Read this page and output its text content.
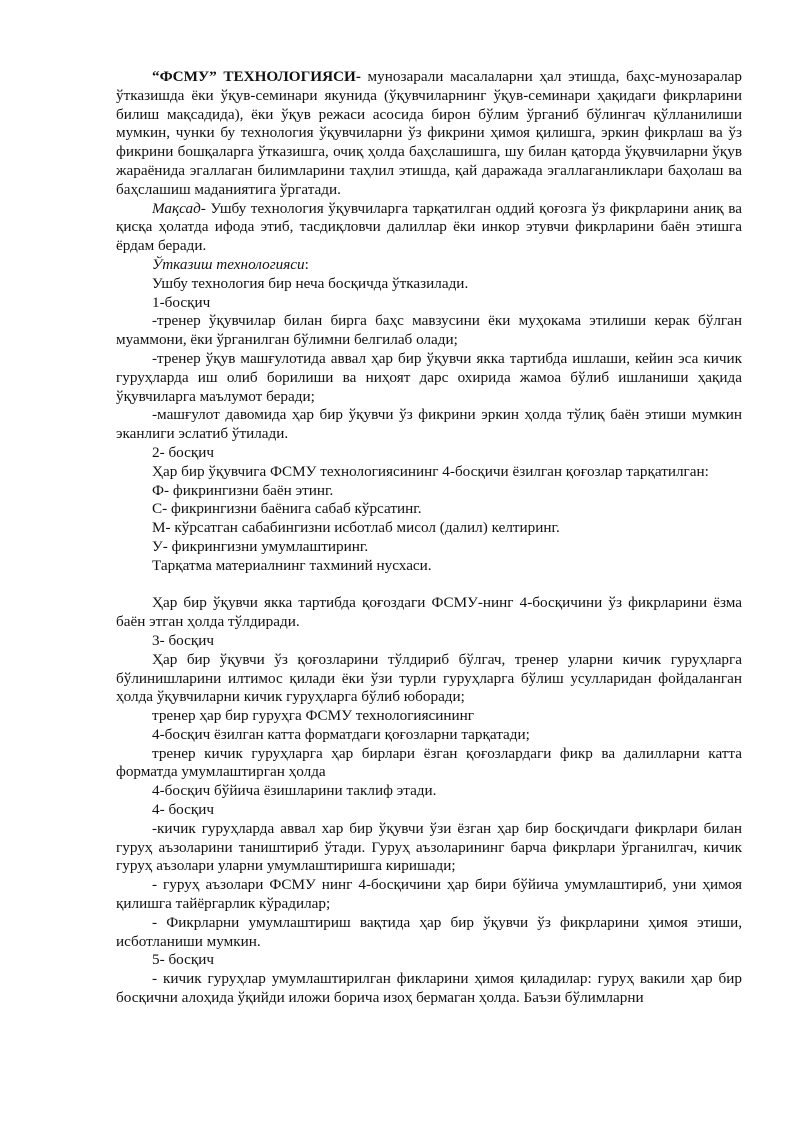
“ФСМУ” ТЕХНОЛОГИЯСИ- мунозарали масалаларни ҳал этишда, баҳс-мунозаралар ўтказишда ёки ўқув-семинари якунида (ўқувчиларнинг ўқув-семинари ҳақидаги фикрларини билиш мақсадида), ёки ўқув режаси асосида бирон бўлим ўрганиб бўлингач қўлланилиши мумкин, чунки бу технология ўқувчиларни ўз фикрини ҳимоя қилишга, эркин фикрлаш ва ўз фикрини бошқаларга ўтказишга, очиқ ҳолда баҳслашишга, шу билан қаторда ўқувчиларни ўқув жараёнида эгаллаган билимларини таҳлил этишда, қай даражада эгаллаганликлари баҳолаш ва баҳслашиш маданиятига ўргатади.

Мақсад- Ушбу технология ўқувчиларга тарқатилган оддий қоғозга ўз фикрларини аниқ ва қисқа ҳолатда ифода этиб, тасдиқловчи далиллар ёки инкор этувчи фикрларини баён этишга ёрдам беради.

Ўтказиш технологияси:

Ушбу технология бир неча босқичда ўтказилади.

1-босқич

-тренер ўқувчилар билан бирга баҳс мавзусини ёки муҳокама этилиши керак бўлган муаммони, ёки ўрганилган бўлимни белгилаб олади;

-тренер ўқув машғулотида аввал ҳар бир ўқувчи якка тартибда ишлаши, кейин эса кичик гуруҳларда иш олиб борилиши ва ниҳоят дарс охирида жамоа бўлиб ишланиши ҳақида ўқувчиларга маълумот беради;

-машғулот давомида ҳар бир ўқувчи ўз фикрини эркин ҳолда тўлиқ баён этиши мумкин эканлиги эслатиб ўтилади.

2- босқич

Ҳар бир ўқувчига ФСМУ технологиясининг 4-босқичи ёзилган қоғозлар тарқатилган:

Ф- фикрингизни баён этинг.

С- фикрингизни баёнига сабаб кўрсатинг.

М- кўрсатган сабабингизни исботлаб мисол (далил) келтиринг.

У- фикрингизни умумлаштиринг.

Тарқатма материалнинг тахминий нусхаси.

Ҳар бир ўқувчи якка тартибда қоғоздаги ФСМУ-нинг 4-босқичини ўз фикрларини ёзма баён этган ҳолда тўлдиради.

3- босқич

Ҳар бир ўқувчи ўз қоғозларини тўлдириб бўлгач, тренер уларни кичик гуруҳларга бўлинишларини илтимос қилади ёки ўзи турли гуруҳларга бўлиш усулларидан фойдаланган ҳолда ўқувчиларни кичик гуруҳларга бўлиб юборади;

тренер ҳар бир гуруҳга ФСМУ технологиясининг

4-босқич ёзилган катта форматдаги қоғозларни тарқатади;

тренер кичик гуруҳларга ҳар бирлари ёзган қоғозлардаги фикр ва далилларни катта форматда умумлаштирган ҳолда

4-босқич бўйича ёзишларини таклиф этади.

4- босқич

-кичик гуруҳларда аввал хар бир ўқувчи ўзи ёзган ҳар бир босқичдаги фикрлари билан гуруҳ аъзоларини таништириб ўтади. Гуруҳ аъзоларининг барча фикрлари ўрганилгач, кичик гуруҳ аъзолари уларни умумлаштиришга киришади;

- гуруҳ аъзолари ФСМУ нинг 4-босқичини ҳар бири бўйича умумлаштириб, уни ҳимоя қилишга тайёргарлик кўрадилар;

- Фикрларни умумлаштириш вақтида ҳар бир ўқувчи ўз фикрларини ҳимоя этиши, исботланиши мумкин.

5- босқич

- кичик гуруҳлар умумлаштирилган фикларини ҳимоя қиладилар: гуруҳ вакили ҳар бир босқични алоҳида ўқийди иложи борича изоҳ бермаган ҳолда. Баъзи бўлимларни
